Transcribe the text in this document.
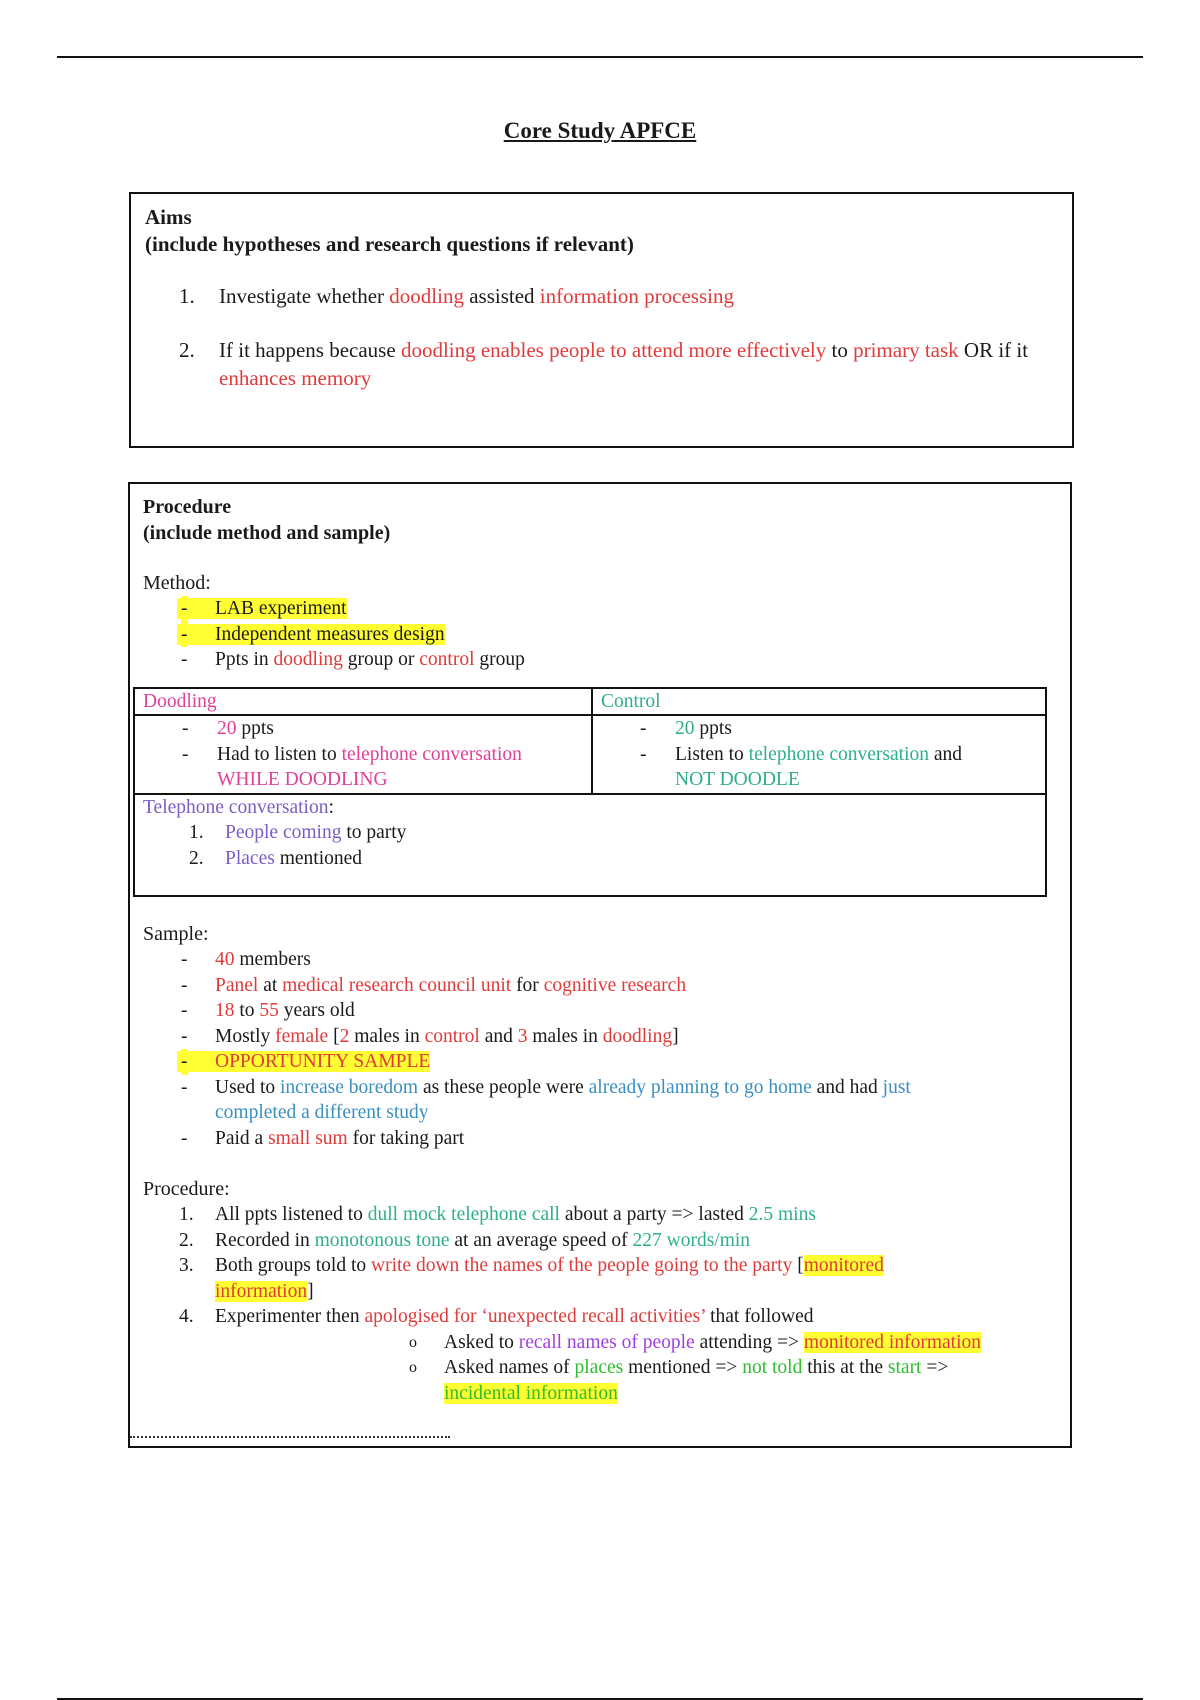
Core Study APFCE
Aims
(include hypotheses and research questions if relevant)
1. Investigate whether doodling assisted information processing
2. If it happens because doodling enables people to attend more effectively to primary task OR if it enhances memory
Procedure
(include method and sample)
Method:
- LAB experiment
- Independent measures design
- Ppts in doodling group or control group
Doodling	Control
- 20 ppts
- Had to listen to telephone conversation
WHILE DOODLING
- 20 ppts
- Listen to telephone conversation and
NOT DOODLE
Telephone conversation:
1. People coming to party
2. Places mentioned
Sample:
- 40 members
- Panel at medical research council unit for cognitive research
- 18 to 55 years old
- Mostly female [2 males in control and 3 males in doodling]
- OPPORTUNITY SAMPLE
- Used to increase boredom as these people were already planning to go home and had just
completed a different study
- Paid a small sum for taking part
Procedure:
1. All ppts listened to dull mock telephone call about a party => lasted 2.5 mins
2. Recorded in monotonous tone at an average speed of 227 words/min
3. Both groups told to write down the names of the people going to the party [monitored
information]
4. Experimenter then apologised for ‘unexpected recall activities’ that followed
o Asked to recall names of people attending => monitored information
o Asked names of places mentioned => not told this at the start =>
incidental information
